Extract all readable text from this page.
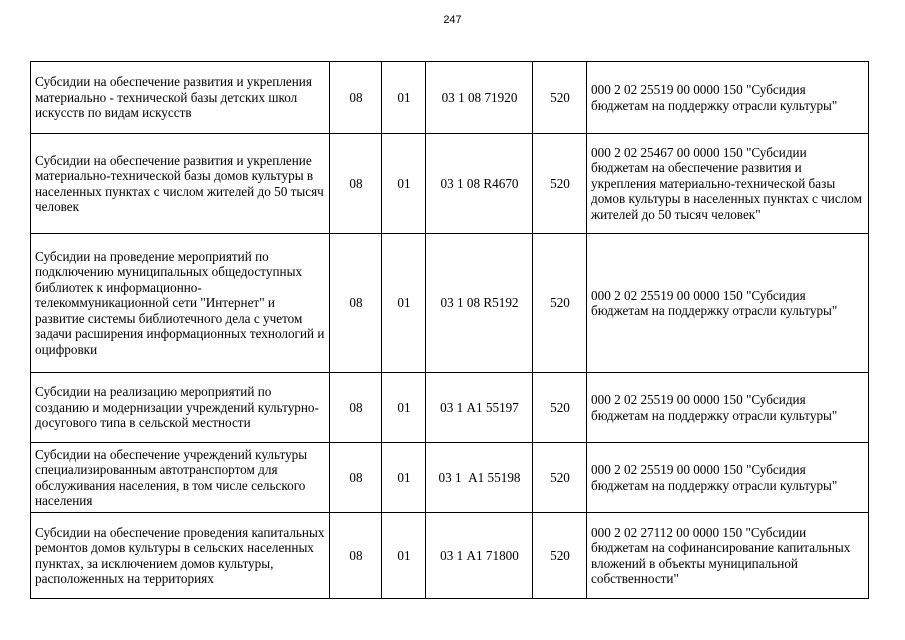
247
Субсидии на обеспечение развития и укрепления материально - технической базы детских школ искусств по видам искусств	08	01	03 1 08 71920	520	000 2 02 25519 00 0000 150 "Субсидия бюджетам на поддержку отрасли культуры"
Субсидии на обеспечение развития и укрепление материально-технической базы домов культуры в населенных пунктах с числом жителей до 50 тысяч человек	08	01	03 1 08 R4670	520	000 2 02 25467 00 0000 150 "Субсидии бюджетам на обеспечение развития и укрепления материально-технической базы домов культуры в населенных пунктах с числом жителей до 50 тысяч человек"
Субсидии на проведение мероприятий по подключению муниципальных общедоступных библиотек к информационно-телекоммуникационной сети "Интернет" и развитие системы библиотечного дела с учетом задачи расширения информационных технологий и оцифровки	08	01	03 1 08 R5192	520	000 2 02 25519 00 0000 150 "Субсидия бюджетам на поддержку отрасли культуры"
Субсидии на реализацию мероприятий по созданию и модернизации учреждений культурно-досугового типа в сельской местности	08	01	03 1 А1 55197	520	000 2 02 25519 00 0000 150 "Субсидия бюджетам на поддержку отрасли культуры"
Субсидии на обеспечение учреждений культуры специализированным автотранспортом для обслуживания населения, в том числе сельского населения	08	01	03 1  А1 55198	520	000 2 02 25519 00 0000 150 "Субсидия бюджетам на поддержку отрасли культуры"
Субсидии на обеспечение проведения капитальных ремонтов домов культуры в сельских населенных пунктах, за исключением домов культуры, расположенных на территориях	08	01	03 1 А1 71800	520	000 2 02 27112 00 0000 150 "Субсидии бюджетам на софинансирование капитальных вложений в объекты муниципальной собственности"
